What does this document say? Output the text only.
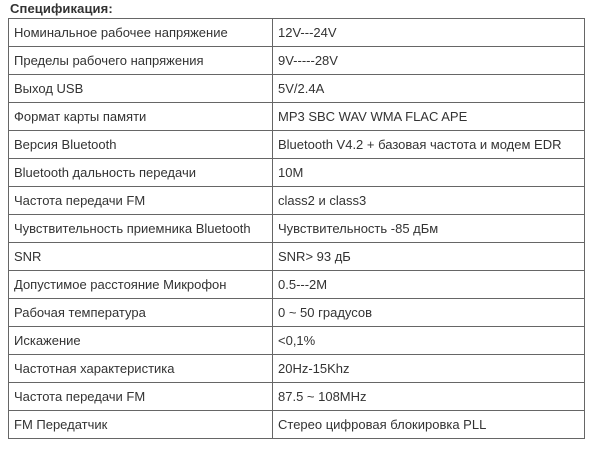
Спецификация:
Номинальное рабочее напряжение	12V---24V
Пределы рабочего напряжения	9V-----28V
Выход USB	5V/2.4A
Формат карты памяти	MP3 SBC WAV WMA FLAC APE
Версия Bluetooth	Bluetooth V4.2 + базовая частота и модем EDR
Bluetooth дальность передачи	10M
Частота передачи FM	class2 и class3
Чувствительность приемника Bluetooth	Чувствительность -85 дБм
SNR	SNR> 93 дБ
Допустимое расстояние Микрофон	0.5---2M
Рабочая температура	0 ~ 50 градусов
Искажение	<0,1%
Частотная характеристика	20Hz-15Khz
Частота передачи FM	87.5 ~ 108MHz
FM Передатчик	Стерео цифровая блокировка PLL
